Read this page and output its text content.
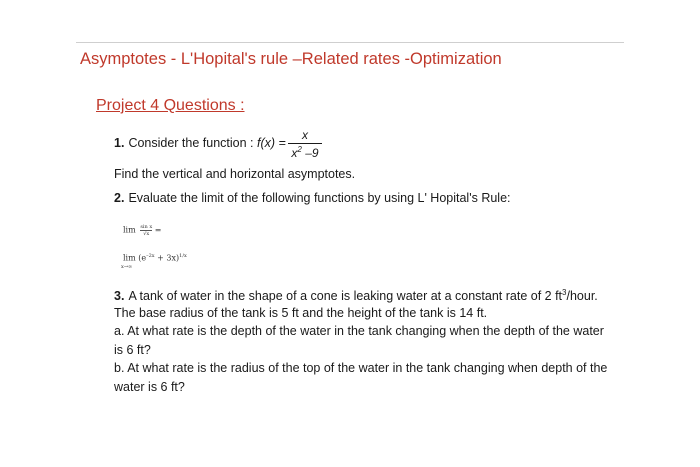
Asymptotes - L'Hopital's rule –Related rates -Optimization
Project 4 Questions :
1. Consider the function : f(x) =
x
$x^2$ –9
Find the vertical and horizontal asymptotes.
2. Evaluate the limit of the following functions by using L' Hopital's Rule:
$\lim \frac{\text{sin x}}{√x}$ =
$\lim (e^{-2x} + 3x)^{1/x}$
x→∞
3. A tank of water in the shape of a cone is leaking water at a constant rate of 2 $ft^3$/hour.
The base radius of the tank is 5 ft and the height of the tank is 14 ft.
a. At what rate is the depth of the water in the tank changing when the depth of the water
is 6 ft?
b. At what rate is the radius of the top of the water in the tank changing when depth of the
water is 6 ft?
